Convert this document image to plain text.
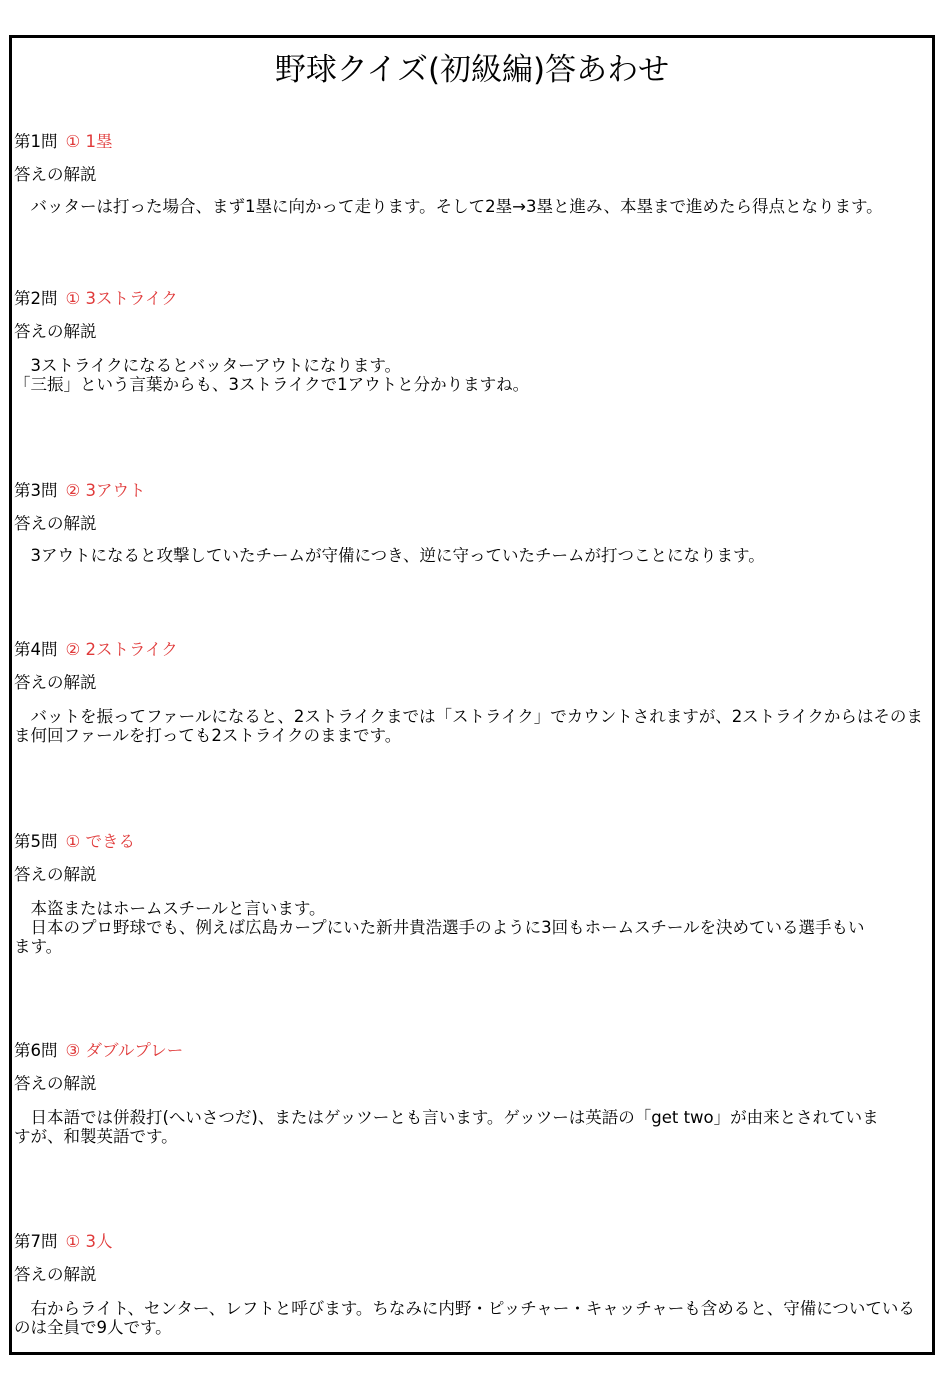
野球クイズ(初級編)答あわせ
第1問 ① 1塁
答えの解説
　バッターは打った場合、まず1塁に向かって走ります。そして2塁→3塁と進み、本塁まで進めたら得点となります。
第2問 ① 3ストライク
答えの解説
　3ストライクになるとバッターアウトになります。
「三振」という言葉からも、3ストライクで1アウトと分かりますね。
第3問 ② 3アウト
答えの解説
　3アウトになると攻撃していたチームが守備につき、逆に守っていたチームが打つことになります。
第4問 ② 2ストライク
答えの解説
　バットを振ってファールになると、2ストライクまでは「ストライク」でカウントされますが、2ストライクからはそのま
ま何回ファールを打っても2ストライクのままです。
第5問 ① できる
答えの解説
　本盗またはホームスチールと言います。
　日本のプロ野球でも、例えば広島カープにいた新井貴浩選手のように3回もホームスチールを決めている選手もい
ます。
第6問 ③ ダブルプレー
答えの解説
　日本語では併殺打(へいさつだ)、またはゲッツーとも言います。ゲッツーは英語の「get two」が由来とされていま
すが、和製英語です。
第7問 ① 3人
答えの解説
　右からライト、センター、レフトと呼びます。ちなみに内野・ピッチャー・キャッチャーも含めると、守備についている
のは全員で9人です。
